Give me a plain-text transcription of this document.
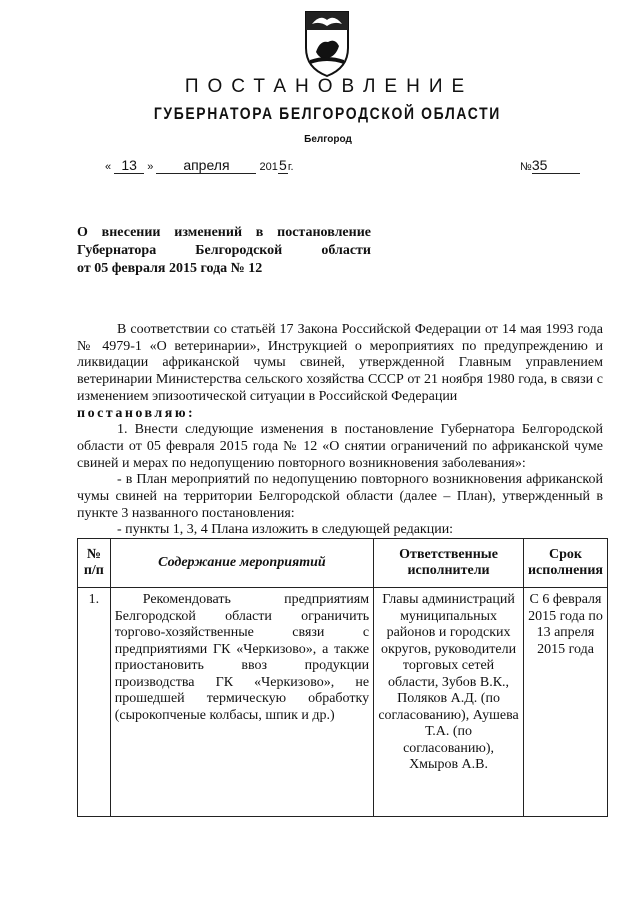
ПОСТАНОВЛЕНИЕ
ГУБЕРНАТОРА БЕЛГОРОДСКОЙ ОБЛАСТИ
Белгород
« 13 » апреля	2015г.	№35
О внесении изменений в постановление
Губернатора Белгородской области
от 05 февраля 2015 года № 12

В соответствии со статьёй 17 Закона Российской Федерации от 14 мая 1993 года № 4979-1 «О ветеринарии», Инструкцией о мероприятиях по предупреждению и ликвидации африканской чумы свиней, утвержденной Главным управлением ветеринарии Министерства сельского хозяйства СССР от 21 ноября 1980 года, в связи с изменением эпизоотической ситуации в Российской Федерации

постановляю:

1. Внести следующие изменения в постановление Губернатора Белгородской области от 05 февраля 2015 года № 12 «О снятии ограничений по африканской чуме свиней и мерах по недопущению повторного возникновения заболевания»:

- в План мероприятий по недопущению повторного возникновения африканской чумы свиней на территории Белгородской области (далее – План), утвержденный в пункте 3 названного постановления:

- пункты 1, 3, 4 Плана изложить в следующей редакции:

№ п/п	Содержание мероприятий	Ответственные исполнители	Срок исполнения
1.	Рекомендовать предприятиям Белгородской области ограничить торгово-хозяйственные связи с предприятиями ГК «Черкизово», а также приостановить ввоз продукции производства ГК «Черкизово», не прошедшей термическую обработку (сырокопченые колбасы, шпик и др.)	Главы администраций муниципальных районов и городских округов, руководители торговых сетей области, Зубов В.К., Поляков А.Д. (по согласованию), Аушева Т.А. (по согласованию), Хмыров А.В.	С 6 февраля 2015 года по 13 апреля 2015 года
